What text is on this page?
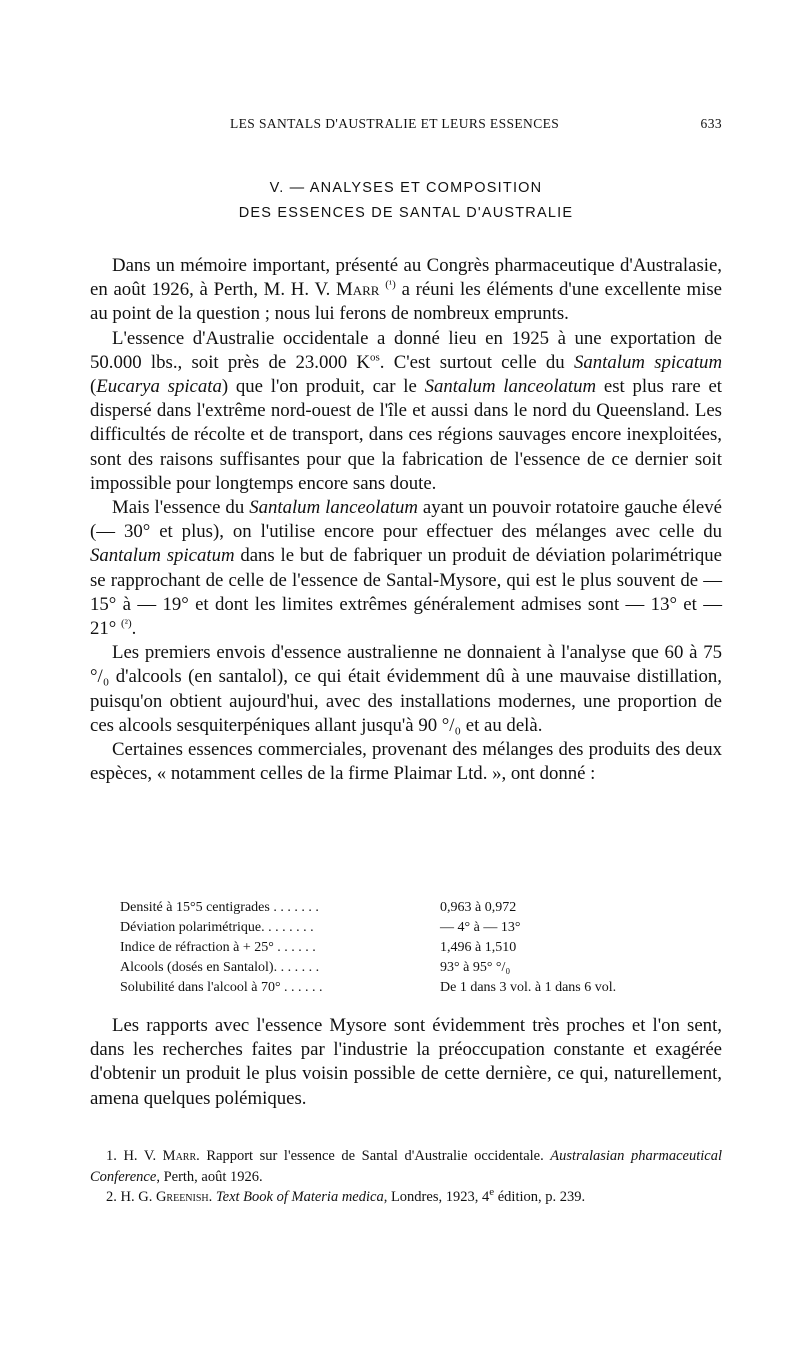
LES SANTALS D'AUSTRALIE ET LEURS ESSENCES	633
V. — ANALYSES ET COMPOSITION
DES ESSENCES DE SANTAL D'AUSTRALIE

Dans un mémoire important, présenté au Congrès pharmaceutique d'Australasie, en août 1926, à Perth, M. H. V. Marr $^{(^1)}$ a réuni les éléments d'une excellente mise au point de la question ; nous lui ferons de nombreux emprunts.

L'essence d'Australie occidentale a donné lieu en 1925 à une exportation de 50.000 lbs., soit près de 23.000 $K^{os}$. C'est surtout celle du Santalum spicatum (Eucarya spicata) que l'on produit, car le Santalum lanceolatum est plus rare et dispersé dans l'extrême nord-ouest de l'île et aussi dans le nord du Queensland. Les difficultés de récolte et de transport, dans ces régions sauvages encore inexploitées, sont des raisons suffisantes pour que la fabrication de l'essence de ce dernier soit impossible pour longtemps encore sans doute.

Mais l'essence du Santalum lanceolatum ayant un pouvoir rotatoire gauche élevé (— 30° et plus), on l'utilise encore pour effectuer des mélanges avec celle du Santalum spicatum dans le but de fabriquer un produit de déviation polarimétrique se rapprochant de celle de l'essence de Santal-Mysore, qui est le plus souvent de — 15° à — 19° et dont les limites extrêmes généralement admises sont — 13° et — 21° $^{(^2)}$.

Les premiers envois d'essence australienne ne donnaient à l'analyse que 60 à 75 °/₀ d'alcools (en santalol), ce qui était évidemment dû à une mauvaise distillation, puisqu'on obtient aujourd'hui, avec des installations modernes, une proportion de ces alcools sesquiterpéniques allant jusqu'à 90 °/₀ et au delà.

Certaines essences commerciales, provenant des mélanges des produits des deux espèces, « notamment celles de la firme Plaimar Ltd. », ont donné :

Densité à 15°5 centigrades . . . . . . .	0,963 à 0,972
Déviation polarimétrique. . . . . . . .	— 4° à — 13°
Indice de réfraction à + 25° . . . . . .	1,496 à 1,510
Alcools (dosés en Santalol). . . . . . .	93° à 95° °/₀
Solubilité dans l'alcool à 70° . . . . . .	De 1 dans 3 vol. à 1 dans 6 vol.

Les rapports avec l'essence Mysore sont évidemment très proches et l'on sent, dans les recherches faites par l'industrie la préoccupation constante et exagérée d'obtenir un produit le plus voisin possible de cette dernière, ce qui, naturellement, amena quelques polémiques.

1. H. V. Marr. Rapport sur l'essence de Santal d'Australie occidentale. Australasian pharmaceutical Conference, Perth, août 1926.

2. H. G. Greenish. Text Book of Materia medica, Londres, 1923, 4e édition, p. 239.
